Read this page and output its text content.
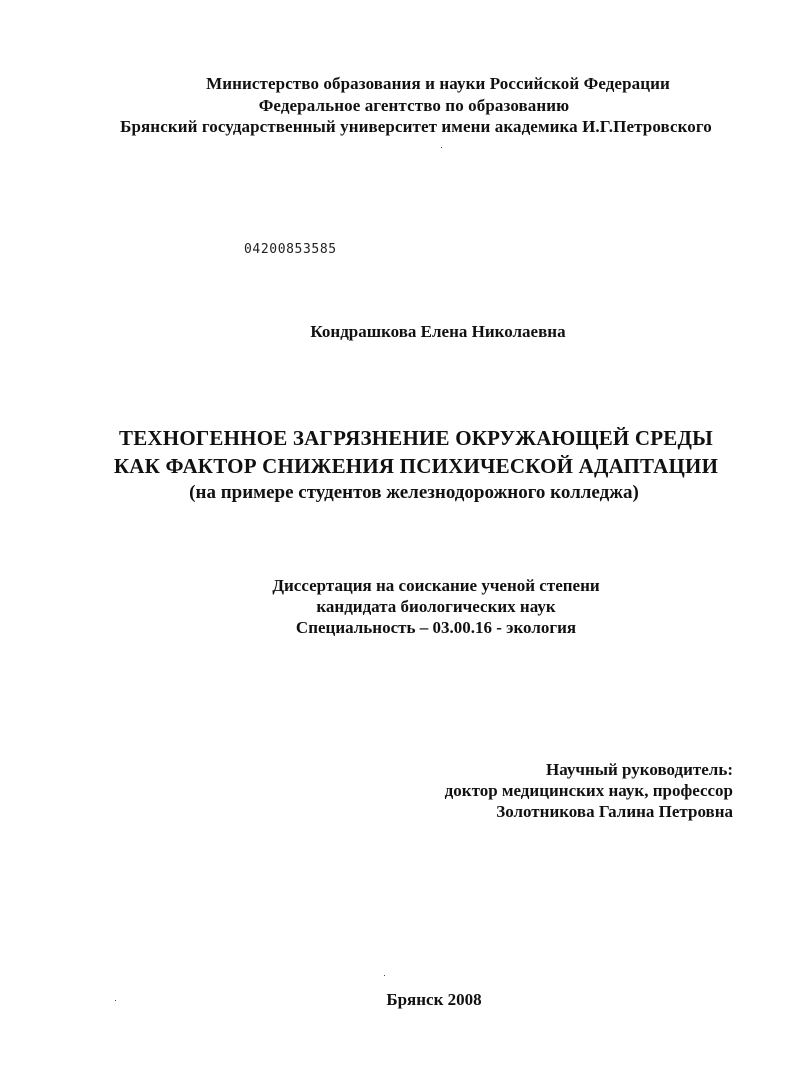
Министерство образования и науки Российской Федерации
Федеральное агентство по образованию
Брянский государственный университет имени академика И.Г.Петровского
04200853585
Кондрашкова Елена Николаевна
ТЕХНОГЕННОЕ ЗАГРЯЗНЕНИЕ ОКРУЖАЮЩЕЙ СРЕДЫ
КАК ФАКТОР СНИЖЕНИЯ ПСИХИЧЕСКОЙ АДАПТАЦИИ
(на примере студентов железнодорожного колледжа)
Диссертация на соискание ученой степени
кандидата биологических наук
Специальность – 03.00.16 - экология
Научный руководитель:
доктор медицинских наук, профессор
Золотникова Галина Петровна
Брянск 2008
